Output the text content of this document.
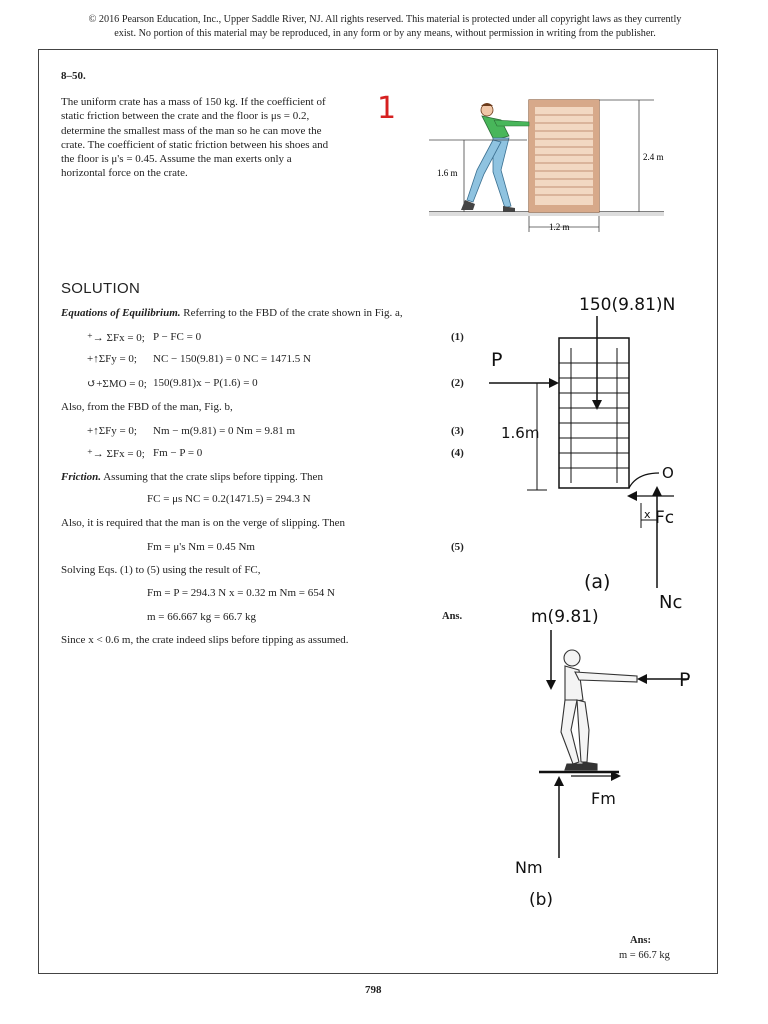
© 2016 Pearson Education, Inc., Upper Saddle River, NJ. All rights reserved. This material is protected under all copyright laws as they currently
exist. No portion of this material may be reproduced, in any form or by any means, without permission in writing from the publisher.
8–50.
The uniform crate has a mass of 150 kg. If the coefficient of
static friction between the crate and the floor is μs = 0.2,
determine the smallest mass of the man so he can move the
crate. The coefficient of static friction between his shoes and
the floor is μ's = 0.45. Assume the man exerts only a
horizontal force on the crate.
1
2.4 m
1.6 m
1.2 m
SOLUTION
Equations of Equilibrium. Referring to the FBD of the crate shown in Fig. a,
⁺→ ΣFx = 0; P − FC = 0	(1)
+↑ΣFy = 0; NC − 150(9.81) = 0 NC = 1471.5 N
↺+ΣMO = 0; 150(9.81)x − P(1.6) = 0	(2)
Also, from the FBD of the man, Fig. b,
+↑ΣFy = 0; Nm − m(9.81) = 0 Nm = 9.81 m	(3)
⁺→ ΣFx = 0; Fm − P = 0	(4)
Friction. Assuming that the crate slips before tipping. Then
FC = μs NC = 0.2(1471.5) = 294.3 N
Also, it is required that the man is on the verge of slipping. Then
Fm = μ's Nm = 0.45 Nm	(5)
Solving Eqs. (1) to (5) using the result of FC,
Fm = P = 294.3 N x = 0.32 m Nm = 654 N
m = 66.667 kg = 66.7 kg	Ans.
Since x < 0.6 m, the crate indeed slips before tipping as assumed.
150(9.81)N
P
1.6m
O
Fc
Nc
x
(a)
m(9.81)
P
Fm
Nm
(b)
Ans:
m = 66.7 kg
798
